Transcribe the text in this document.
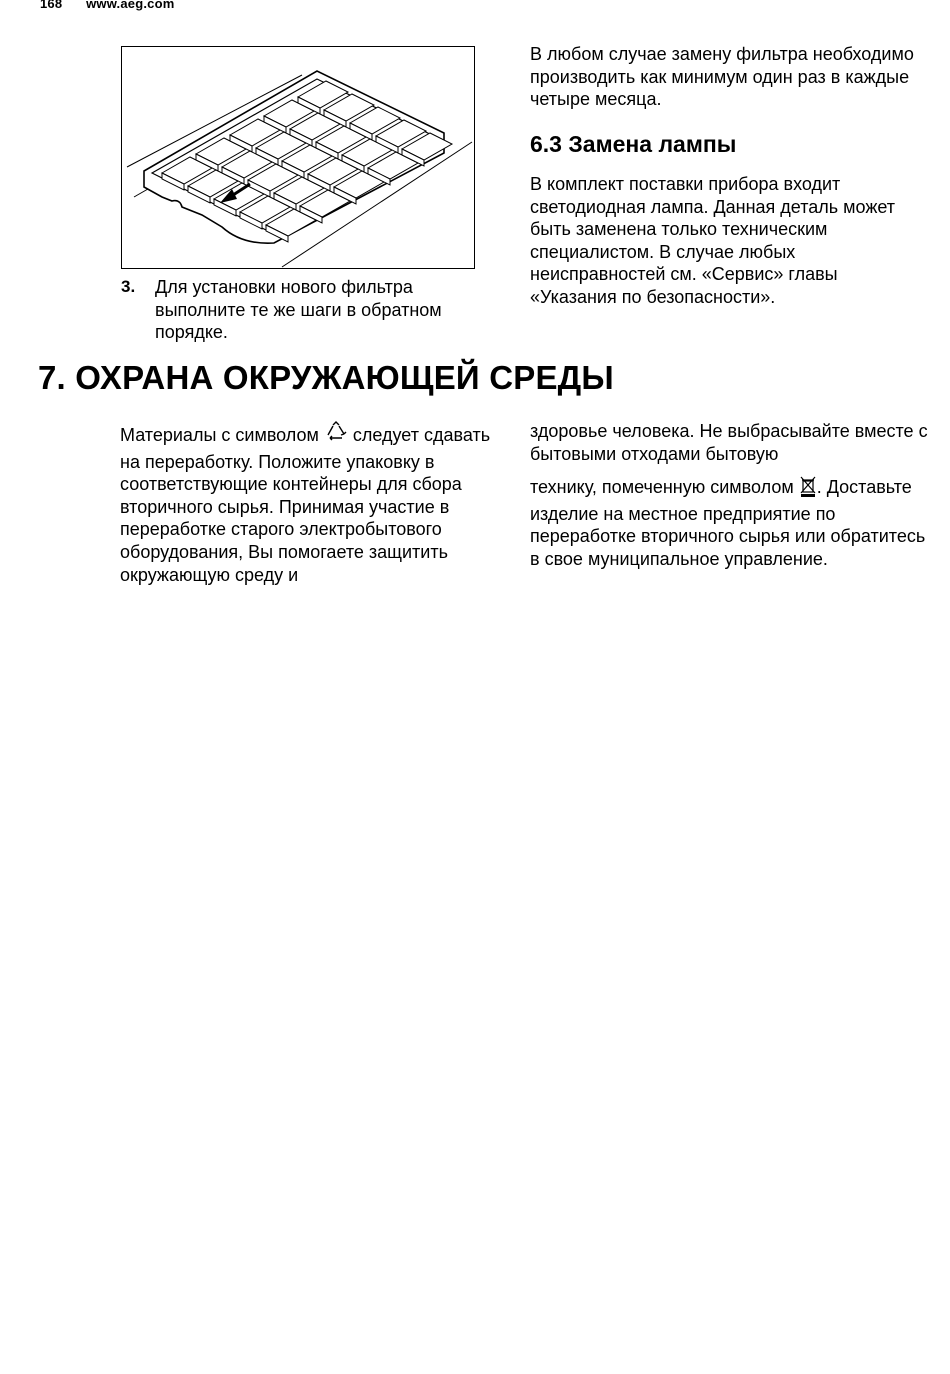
168 www.aeg.com
3. Для установки нового фильтра выполните те же шаги в обратном порядке.

В любом случае замену фильтра необходимо производить как минимум один раз в каждые четыре месяца.

6.3 Замена лампы

В комплект поставки прибора входит светодиодная лампа. Данная деталь может быть заменена только техническим специалистом. В случае любых неисправностей см. «Сервис» главы «Указания по безопасности».

7. ОХРАНА ОКРУЖАЮЩЕЙ СРЕДЫ

Материалы с символом  следует сдавать на переработку. Положите упаковку в соответствующие контейнеры для сбора вторичного сырья. Принимая участие в переработке старого электробытового оборудования, Вы помогаете защитить окружающую среду и

здоровье человека. Не выбрасывайте вместе с бытовыми отходами бытовую

технику, помеченную символом . Доставьте изделие на местное предприятие по переработке вторичного сырья или обратитесь в свое муниципальное управление.
